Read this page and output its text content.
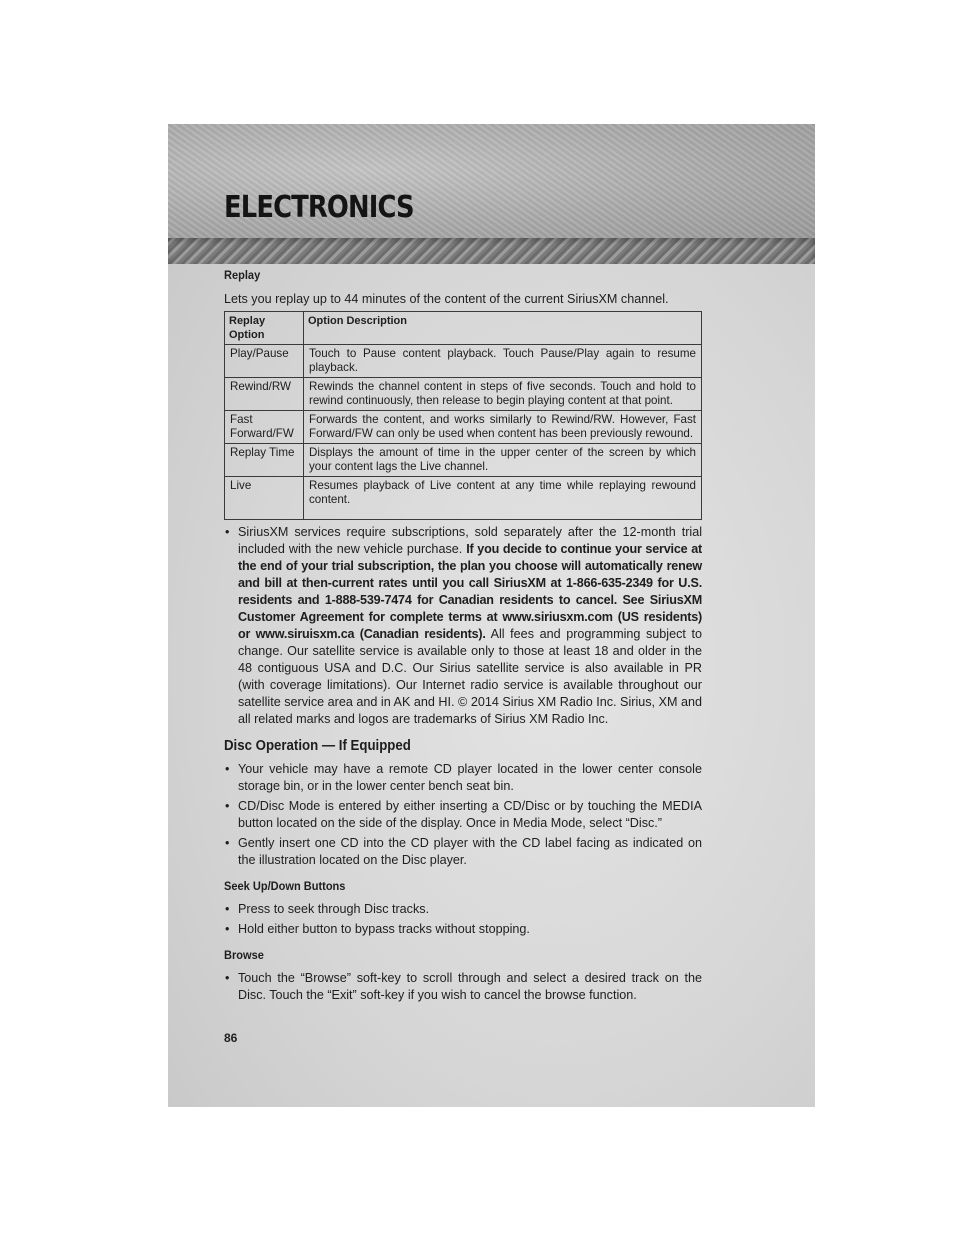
ELECTRONICS

Replay

Lets you replay up to 44 minutes of the content of the current SiriusXM channel.

Replay Option	Option Description
Play/Pause	Touch to Pause content playback. Touch Pause/Play again to resume playback.
Rewind/RW	Rewinds the channel content in steps of five seconds. Touch and hold to rewind continuously, then release to begin playing content at that point.
Fast Forward/FW	Forwards the content, and works similarly to Rewind/RW. However, Fast Forward/FW can only be used when content has been previously rewound.
Replay Time	Displays the amount of time in the upper center of the screen by which your content lags the Live channel.
Live	Resumes playback of Live content at any time while replaying rewound content.
• SiriusXM services require subscriptions, sold separately after the 12-month trial included with the new vehicle purchase. If you decide to continue your service at the end of your trial subscription, the plan you choose will automatically renew and bill at then-current rates until you call SiriusXM at 1-866-635-2349 for U.S. residents and 1-888-539-7474 for Canadian residents to cancel. See SiriusXM Customer Agreement for complete terms at www.siriusxm.com (US residents) or www.siruisxm.ca (Canadian residents). All fees and programming subject to change. Our satellite service is available only to those at least 18 and older in the 48 contiguous USA and D.C. Our Sirius satellite service is also available in PR (with coverage limitations). Our Internet radio service is available throughout our satellite service area and in AK and HI. © 2014 Sirius XM Radio Inc. Sirius, XM and all related marks and logos are trademarks of Sirius XM Radio Inc.

Disc Operation — If Equipped

• Your vehicle may have a remote CD player located in the lower center console storage bin, or in the lower center bench seat bin.
• CD/Disc Mode is entered by either inserting a CD/Disc or by touching the MEDIA button located on the side of the display. Once in Media Mode, select “Disc.”
• Gently insert one CD into the CD player with the CD label facing as indicated on the illustration located on the Disc player.

Seek Up/Down Buttons

• Press to seek through Disc tracks.
• Hold either button to bypass tracks without stopping.

Browse

• Touch the “Browse” soft-key to scroll through and select a desired track on the Disc. Touch the “Exit” soft-key if you wish to cancel the browse function.
86
